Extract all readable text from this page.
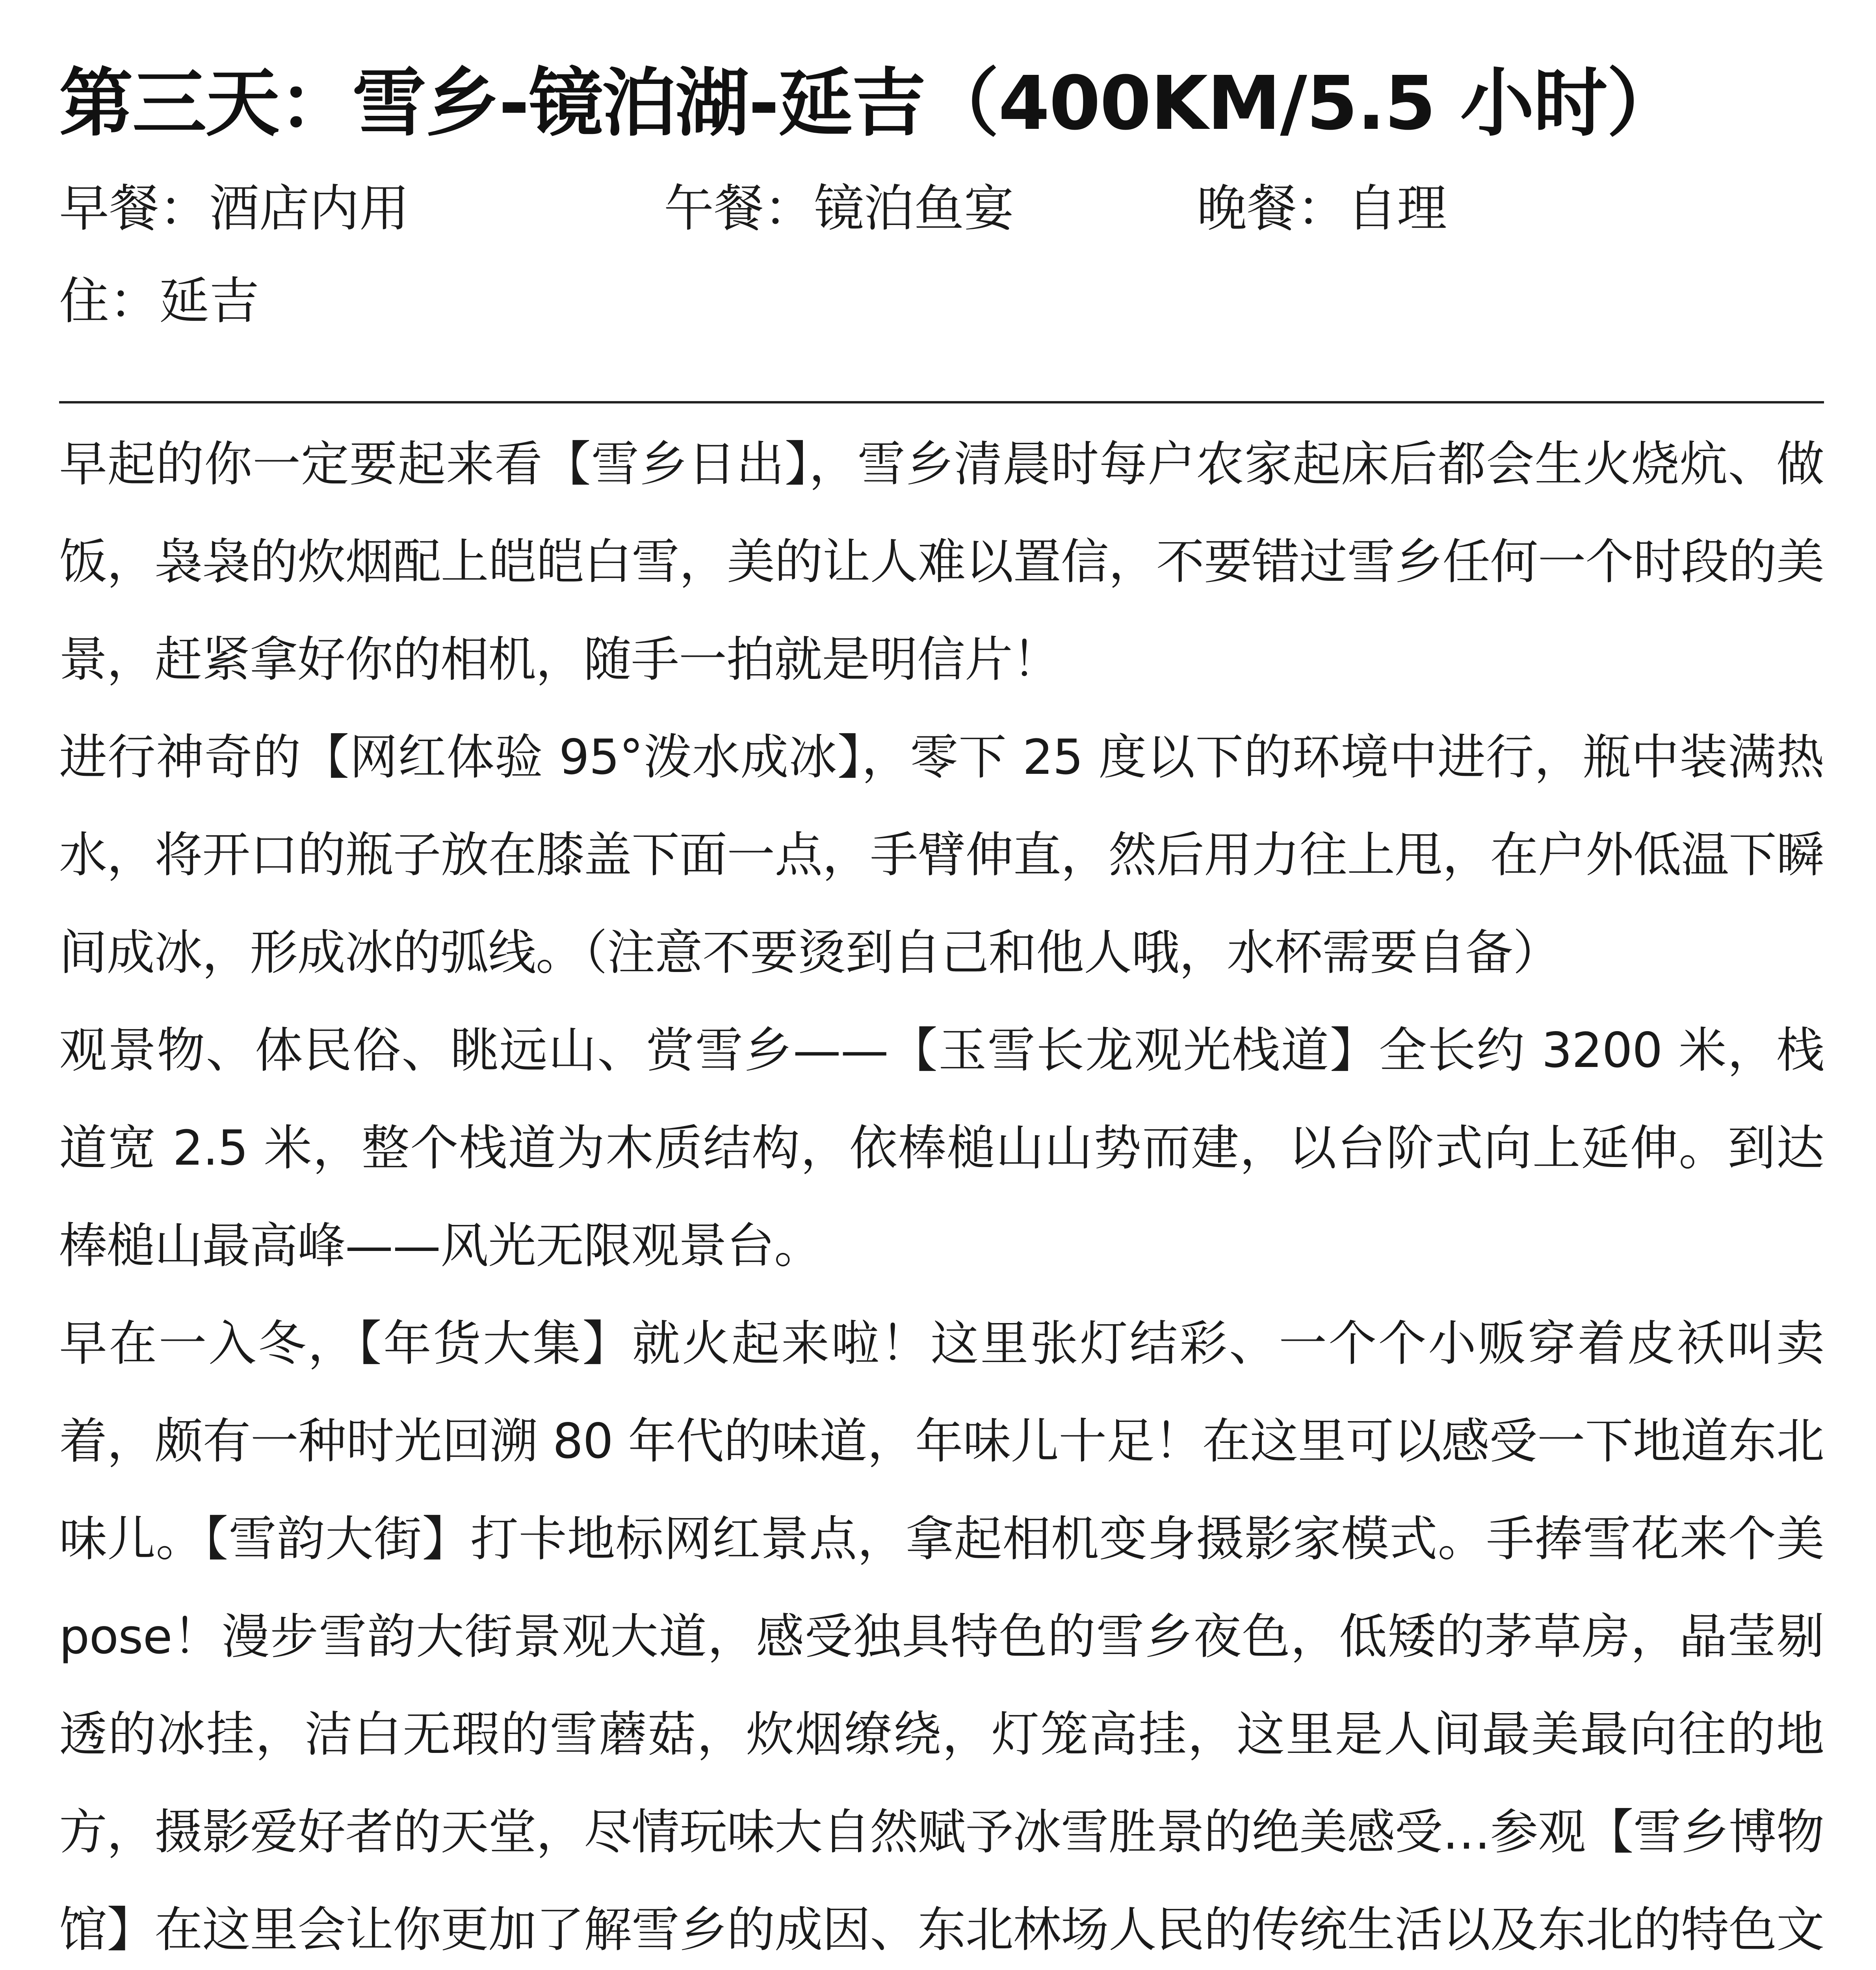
第三天：雪乡-镜泊湖-延吉（400KM/5.5 小时）
早餐：酒店内用	午餐：镜泊鱼宴	晚餐：自理
住：延吉

早起的你一定要起来看【雪乡日出】，雪乡清晨时每户农家起床后都会生火烧炕、做饭，袅袅的炊烟配上皑皑白雪，美的让人难以置信，不要错过雪乡任何一个时段的美景，赶紧拿好你的相机，随手一拍就是明信片！

进行神奇的【网红体验 95°泼水成冰】，零下 25 度以下的环境中进行，瓶中装满热水，将开口的瓶子放在膝盖下面一点，手臂伸直，然后用力往上甩，在户外低温下瞬间成冰，形成冰的弧线。（注意不要烫到自己和他人哦，水杯需要自备）

观景物、体民俗、眺远山、赏雪乡——【玉雪长龙观光栈道】全长约 3200 米，栈道宽 2.5 米，整个栈道为木质结构，依棒槌山山势而建，以台阶式向上延伸。到达棒槌山最高峰——风光无限观景台。

早在一入冬，【年货大集】就火起来啦！这里张灯结彩、一个个小贩穿着皮袄叫卖着，颇有一种时光回溯 80 年代的味道，年味儿十足！在这里可以感受一下地道东北味儿。【雪韵大街】打卡地标网红景点，拿起相机变身摄影家模式。手捧雪花来个美 pose！漫步雪韵大街景观大道，感受独具特色的雪乡夜色，低矮的茅草房，晶莹剔透的冰挂，洁白无瑕的雪蘑菇，炊烟缭绕，灯笼高挂，这里是人间最美最向往的地方，摄影爱好者的天堂，尽情玩味大自然赋予冰雪胜景的绝美感受…参观【雪乡博物馆】在这里会让你更加了解雪乡的成因、东北林场人民的传统生活以及东北的特色文
